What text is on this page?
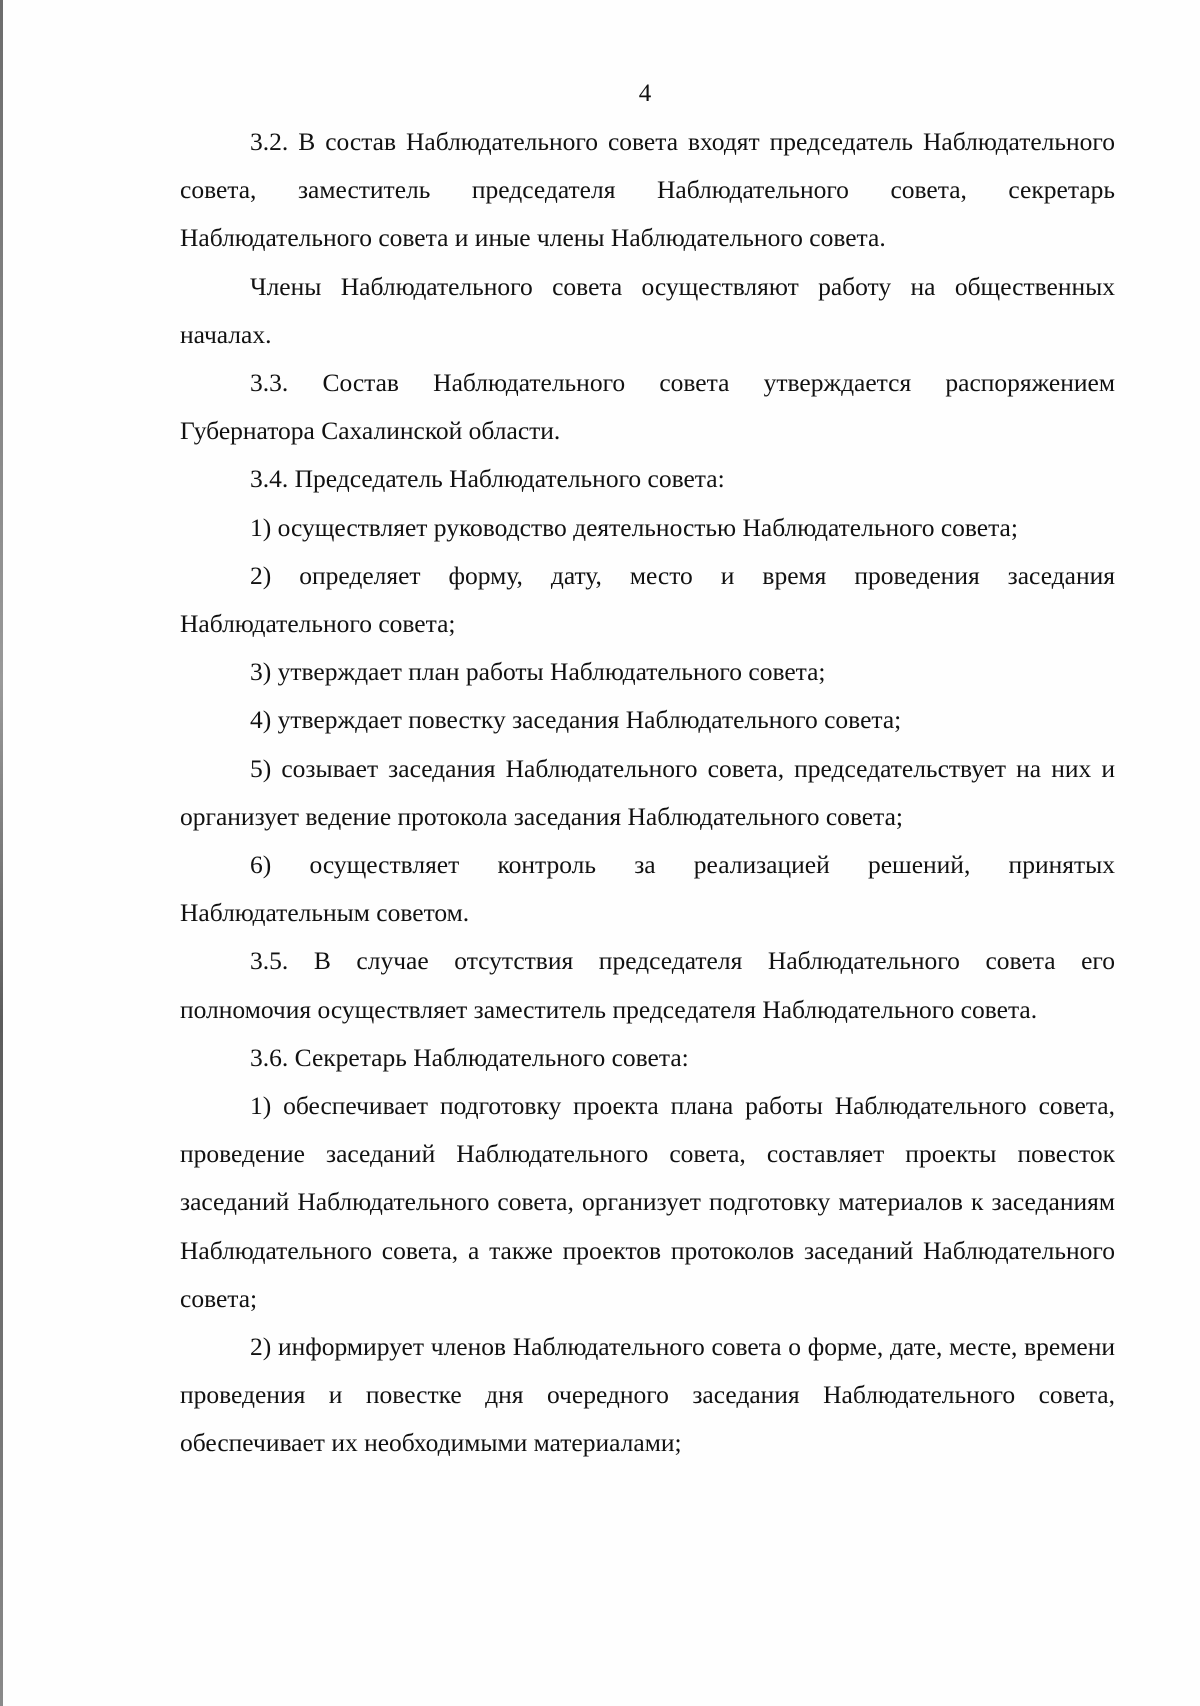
4

3.2. В состав Наблюдательного совета входят председатель Наблюдательного совета, заместитель председателя Наблюдательного совета, секретарь Наблюдательного совета и иные члены Наблюдательного совета.

Члены Наблюдательного совета осуществляют работу на общественных началах.

3.3. Состав Наблюдательного совета утверждается распоряжением Губернатора Сахалинской области.

3.4. Председатель Наблюдательного совета:

1) осуществляет руководство деятельностью Наблюдательного совета;

2) определяет форму, дату, место и время проведения заседания Наблюдательного совета;

3) утверждает план работы Наблюдательного совета;

4) утверждает повестку заседания Наблюдательного совета;

5) созывает заседания Наблюдательного совета, председательствует на них и организует ведение протокола заседания Наблюдательного совета;

6) осуществляет контроль за реализацией решений, принятых Наблюдательным советом.

3.5. В случае отсутствия председателя Наблюдательного совета его полномочия осуществляет заместитель председателя Наблюдательного совета.

3.6. Секретарь Наблюдательного совета:

1) обеспечивает подготовку проекта плана работы Наблюдательного совета, проведение заседаний Наблюдательного совета, составляет проекты повесток заседаний Наблюдательного совета, организует подготовку материалов к заседаниям Наблюдательного совета, а также проектов протоколов заседаний Наблюдательного совета;

2) информирует членов Наблюдательного совета о форме, дате, месте, времени проведения и повестке дня очередного заседания Наблюдательного совета, обеспечивает их необходимыми материалами;
